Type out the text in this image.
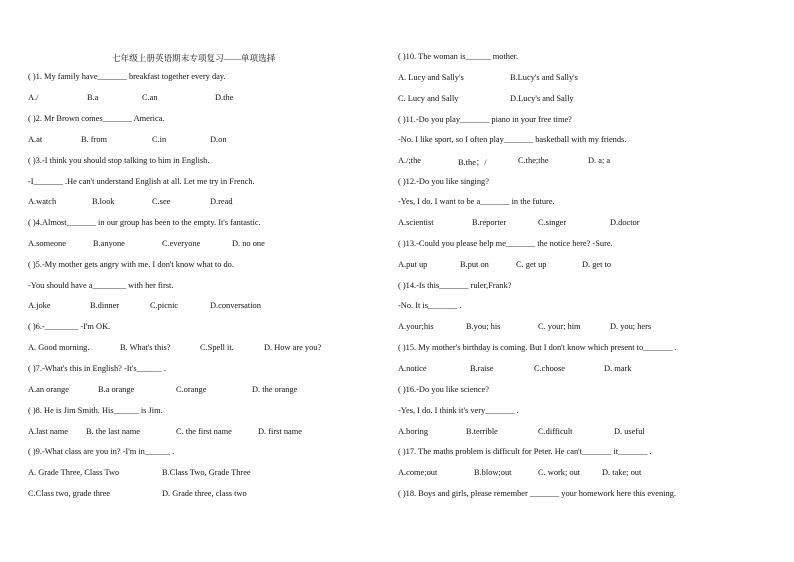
七年级上册英语期末专项复习——单项选择
( )1. My family have_______ breakfast together every day.
A./	B.a	C.an	D.the
( )2. Mr Brown comes_______ America.
A.at	B. from	C.in	D.on
( )3.-I think you should stop talking to him in English.
-I_______ .He can't understand English at all. Let me try in French.
A.watch	B.look	C.see	D.read
( )4.Almost_______ in our group has been to the empty. It's fantastic.
A.someone	B.anyone	C.everyone	D. no one
( )5.-My mother gets angry with me. I don't know what to do.
-You should have a________ with her first.
A.joke	B.dinner	C.picnic	D.conversation
( )6.-________ -I'm OK.
A. Good morning.	B. What's this?	C.Spell it.	D. How are you?
( )7.-What's this in English? -It's______ .
A.an orange	B.a orange	C.orange	D. the orange
( )8. He is Jim Smith. His______ is Jim.
A.last name B. the last name	C. the first name	D. first name
( )9.-What class are you in? -I'm in______ .
A. Grade Three, Class Two	B.Class Two, Grade Three
C.Class two, grade three	D. Grade three, class two
( )10. The woman is______ mother.
A. Lucy and Sally's	B.Lucy's and Sally's
C. Lucy and Sally	D.Lucy's and Sally
( )11.-Do you play_______ piano in your free time?
-No. I like sport, so I often play_______ basketball with my friends.
A./;the	B.the；/	C.the;the	D. a; a
( )12.-Do you like singing?
-Yes, I do. I want to be a_______ in the future.
A.scientist	B.reporter	C.singer	D.doctor
( )13.-Could you please help me_______ the notice here? -Sure.
A.put up	B.put on	C. get up	D. get to
( )14.-Is this_______ ruler,Frank?
-No. It is_______ .
A.your;his	B.you; his	C. your; him	D. you; hers
( )15. My mother's birthday is coming. But I don't know which present to_______ .
A.notice	B.raise	C.choose	D. mark
( )16.-Do you like science?
-Yes, I do. I think it's very_______ .
A.boring	B.terrible	C.difficult	D. useful
( )17. The maths problem is difficult for Peter. He can't_______ it_______ .
A.come;out	B.blow;out	C. work; out	D. take; out
( )18. Boys and girls, please remember _______ your homework here this evening.
